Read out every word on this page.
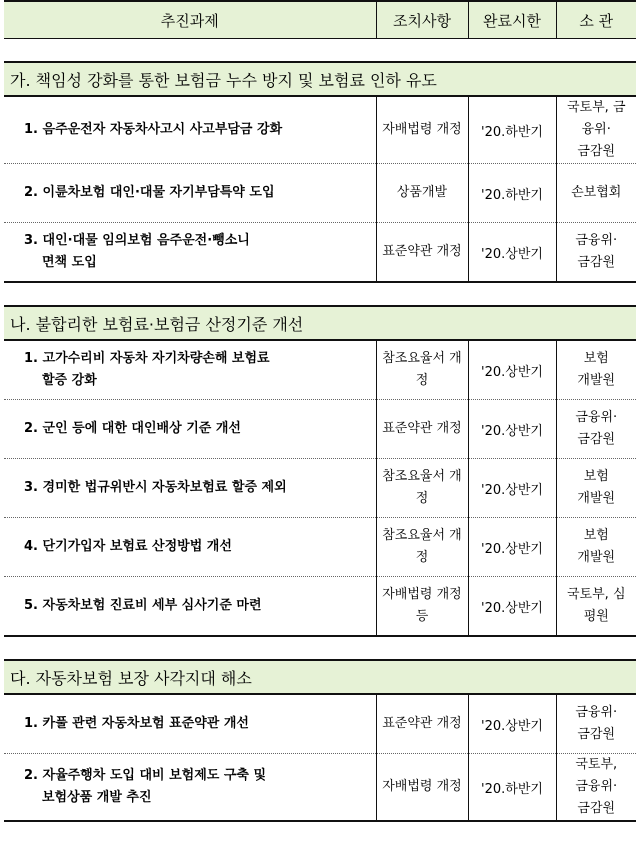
추진과제	조치사항	완료시한	소 관

가. 책임성 강화를 통한 보험금 누수 방지 및 보험료 인하 유도			
1. 음주운전자 자동차사고시 사고부담금 강화	자배법령 개정	'20.하반기	국토부, 금
융위·
금감원

2. 이륜차보험 대인·대물 자기부담특약 도입	상품개발	'20.하반기	손보협회

3. 대인·대물 임의보험 음주운전·뺑소니
면책 도입	표준약관 개정	'20.상반기	금융위·
금감원

나. 불합리한 보험료·보험금 산정기준 개선			
1. 고가수리비 자동차 자기차량손해 보험료
할증 강화	참조요율서 개
정	'20.상반기	보험
개발원

2. 군인 등에 대한 대인배상 기준 개선	표준약관 개정	'20.상반기	금융위·
금감원

3. 경미한 법규위반시 자동차보험료 할증 제외	참조요율서 개
정	'20.상반기	보험
개발원

4. 단기가입자 보험료 산정방법 개선	참조요율서 개
정	'20.상반기	보험
개발원

5. 자동차보험 진료비 세부 심사기준 마련	자배법령 개정
등	'20.상반기	국토부, 심
평원

다. 자동차보험 보장 사각지대 해소			
1. 카풀 관련 자동차보험 표준약관 개선	표준약관 개정	'20.상반기	금융위·
금감원

2. 자율주행차 도입 대비 보험제도 구축 및
보험상품 개발 추진	자배법령 개정	'20.하반기	국토부,
금융위·
금감원
